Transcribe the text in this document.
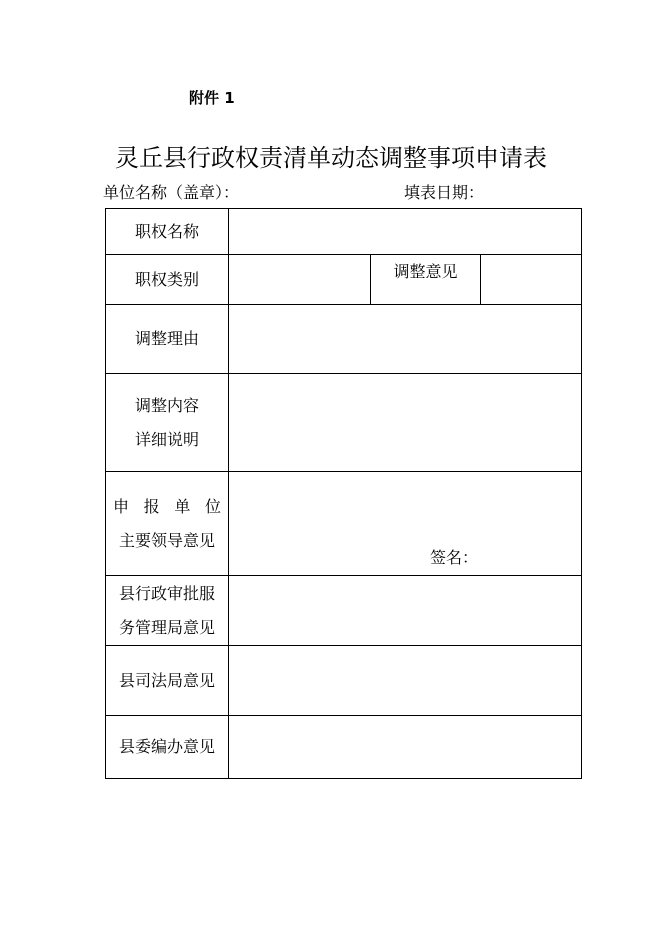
附件 1
灵丘县行政权责清单动态调整事项申请表
单位名称（盖章）：	填表日期：
职权名称			
职权类别		调整意见	
调整理由			

调整内容
详细说明			

申 报 单 位
主要领导意见	签名：		

县行政审批服
务管理局意见			

县司法局意见			
县委编办意见			
